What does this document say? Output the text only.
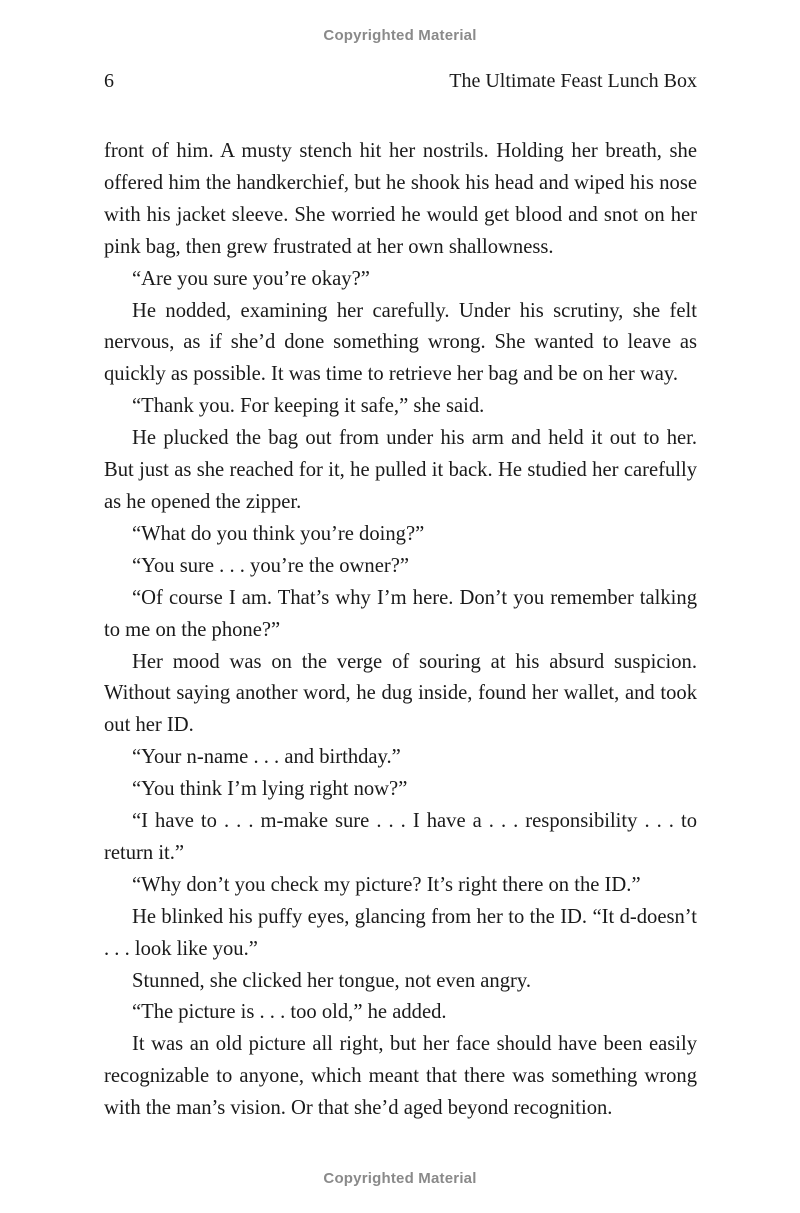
Copyrighted Material
6	The Ultimate Feast Lunch Box

front of him. A musty stench hit her nostrils. Holding her breath, she offered him the handkerchief, but he shook his head and wiped his nose with his jacket sleeve. She worried he would get blood and snot on her pink bag, then grew frustrated at her own shallowness.

“Are you sure you’re okay?”

He nodded, examining her carefully. Under his scrutiny, she felt nervous, as if she’d done something wrong. She wanted to leave as quickly as possible. It was time to retrieve her bag and be on her way.

“Thank you. For keeping it safe,” she said.

He plucked the bag out from under his arm and held it out to her. But just as she reached for it, he pulled it back. He studied her carefully as he opened the zipper.

“What do you think you’re doing?”

“You sure . . . you’re the owner?”

“Of course I am. That’s why I’m here. Don’t you remember talking to me on the phone?”

Her mood was on the verge of souring at his absurd suspicion. Without saying another word, he dug inside, found her wallet, and took out her ID.

“Your n-name . . . and birthday.”

“You think I’m lying right now?”

“I have to . . . m-make sure . . . I have a . . . responsibility . . . to return it.”

“Why don’t you check my picture? It’s right there on the ID.”

He blinked his puffy eyes, glancing from her to the ID. “It d-doesn’t . . . look like you.”

Stunned, she clicked her tongue, not even angry.

“The picture is . . . too old,” he added.

It was an old picture all right, but her face should have been easily recognizable to anyone, which meant that there was something wrong with the man’s vision. Or that she’d aged beyond recognition.

Copyrighted Material
